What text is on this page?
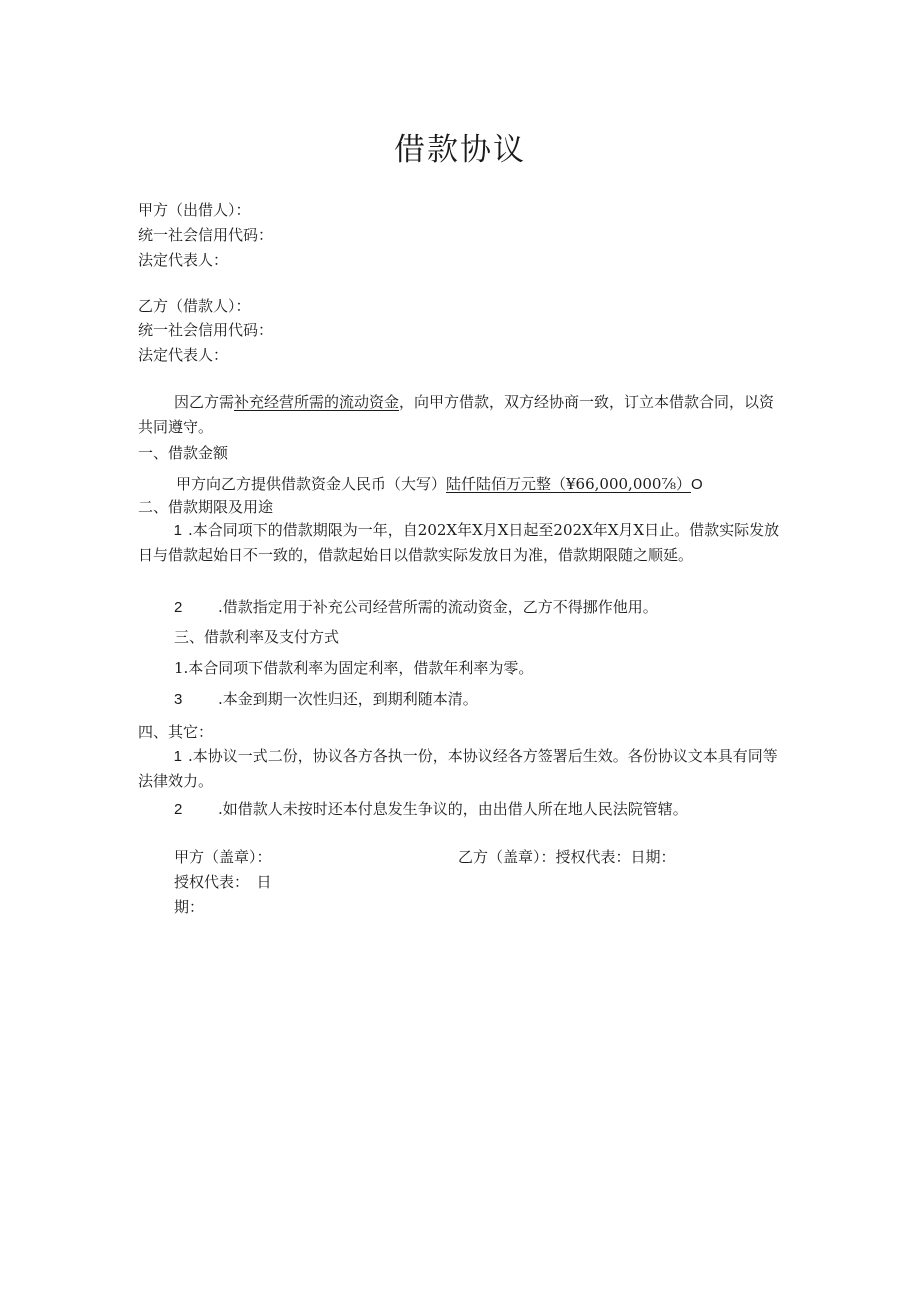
借款协议
甲方（出借人）：
统一社会信用代码：
法定代表人：
乙方（借款人）：
统一社会信用代码：
法定代表人：
因乙方需补充经营所需的流动资金，向甲方借款，双方经协商一致，订立本借款合同，以资共同遵守。
一、借款金额
甲方向乙方提供借款资金人民币（大写）陆仟陆佰万元整（¥66,000,000⅞）O
二、借款期限及用途
1 .本合同项下的借款期限为一年，自202X年X月X日起至202X年X月X日止。借款实际发放日与借款起始日不一致的，借款起始日以借款实际发放日为准，借款期限随之顺延。
2 .借款指定用于补充公司经营所需的流动资金，乙方不得挪作他用。
三、借款利率及支付方式
1.本合同项下借款利率为固定利率，借款年利率为零。
3 .本金到期一次性归还，到期利随本清。
四、其它：
1 .本协议一式二份，协议各方各执一份，本协议经各方签署后生效。各份协议文本具有同等法律效力。
2 .如借款人未按时还本付息发生争议的，由出借人所在地人民法院管辖。
甲方（盖章）：
授权代表：　日
期：
乙方（盖章）：授权代表：日期：
